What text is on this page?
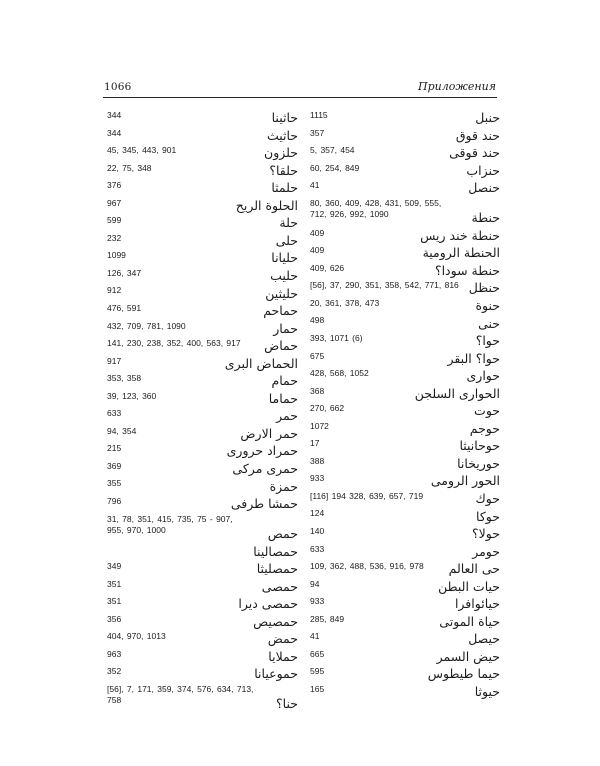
1066	Приложения
344	حاثينا
344	حاثيث
45, 345, 443, 901	حلزون
22, 75, 348	حلقا؟
376	حلمثا
967	الحلوة الريح
599	حلة
232	حلى
1099	حليانا
126, 347	حليب
912	حليثين
476, 591	حماحم
432, 709, 781, 1090	حمار
141, 230, 238, 352, 400, 563, 917 حماض
917	الحماض البرى
353, 358	حمام
39, 123, 360	حماما
633	حمر
94, 354	حمر الارض
215	حمراد حرورى
369	حمرى مركى
355	حمزة
796	حمشا طرفى
31, 78, 351, 415, 735, 75 - 907,
955, 970, 1000	حمص
حمصالينا
349	حمصليثا
351	حمصى
351	حمصى ديرا
356	حمصيص
404, 970, 1013	حمض
963	حملايا
352	حموعيانا
[56], 7, 171, 359, 374, 576, 634, 713,
758	حنا؟
1115	حنبل
357	حند قوق
5, 357, 454	حند قوقى
60, 254, 849	حنزاب
41	حنصل
80, 360, 409, 428, 431, 509, 555,
712, 926, 992, 1090	حنطة
409	حنطة خند ريس
409	الحنطة الرومية
409, 626	حنطة سودا؟
[56], 37, 290, 351, 358, 542, 771, 816 حنظل
20, 361, 378, 473	حنوة
498	حنى
393, 1071 (6)	حوا؟
675	حوا؟ البقر
428, 568, 1052	حوارى
368	الحوارى السلجن
270, 662	حوت
1072	حوجم
17	حوحانيثا
388	حوريخانا
933	الحور الرومى
[116] 194 328, 639, 657, 719	حوك
124	حوكا
140	حولا؟
633	حومر
109, 362, 488, 536, 916, 978 حى العالم
94	حيات البطن
933	حيائوافرا
285, 849	حياة الموتى
41	حيصل
665	حيض السمر
595	حيما طيطوس
165	حيوثا
